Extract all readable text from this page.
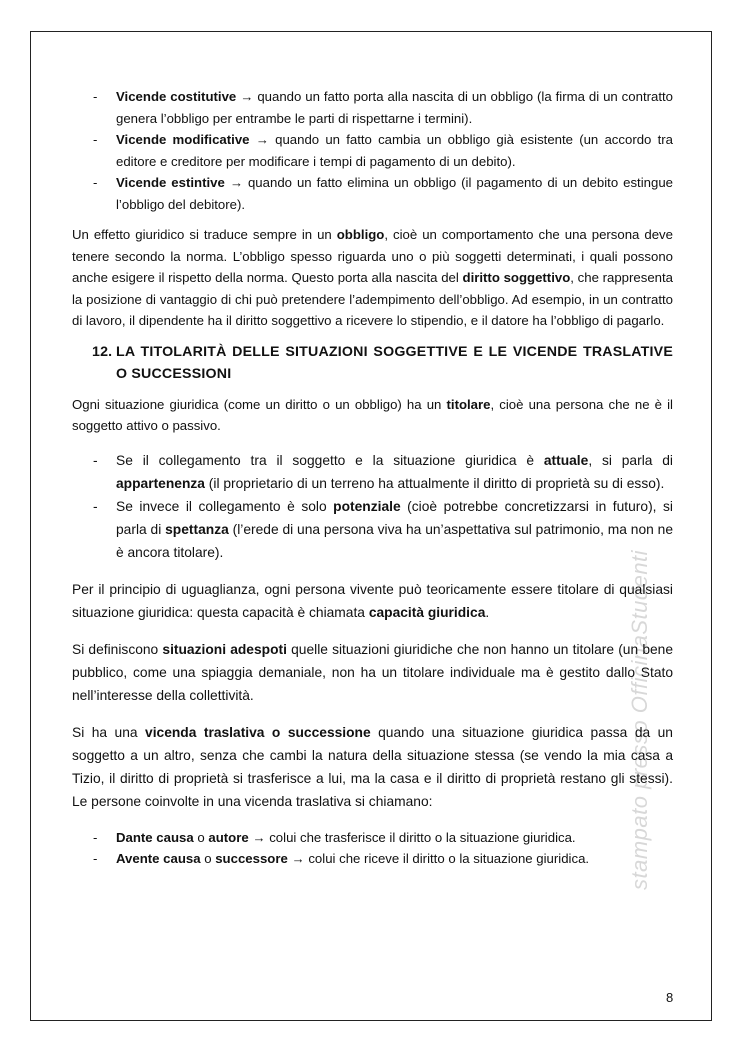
stampato presso OfficinaStudenti
- Vicende costitutive → quando un fatto porta alla nascita di un obbligo (la firma di un contratto genera l’obbligo per entrambe le parti di rispettarne i termini).
- Vicende modificative → quando un fatto cambia un obbligo già esistente (un accordo tra editore e creditore per modificare i tempi di pagamento di un debito).
- Vicende estintive → quando un fatto elimina un obbligo (il pagamento di un debito estingue l’obbligo del debitore).

Un effetto giuridico si traduce sempre in un obbligo, cioè un comportamento che una persona deve tenere secondo la norma. L’obbligo spesso riguarda uno o più soggetti determinati, i quali possono anche esigere il rispetto della norma. Questo porta alla nascita del diritto soggettivo, che rappresenta la posizione di vantaggio di chi può pretendere l’adempimento dell’obbligo. Ad esempio, in un contratto di lavoro, il dipendente ha il diritto soggettivo a ricevere lo stipendio, e il datore ha l’obbligo di pagarlo.

12. LA TITOLARITÀ DELLE SITUAZIONI SOGGETTIVE E LE VICENDE TRASLATIVE O SUCCESSIONI

Ogni situazione giuridica (come un diritto o un obbligo) ha un titolare, cioè una persona che ne è il soggetto attivo o passivo.

- Se il collegamento tra il soggetto e la situazione giuridica è attuale, si parla di appartenenza (il proprietario di un terreno ha attualmente il diritto di proprietà su di esso).
- Se invece il collegamento è solo potenziale (cioè potrebbe concretizzarsi in futuro), si parla di spettanza (l’erede di una persona viva ha un’aspettativa sul patrimonio, ma non ne è ancora titolare).

Per il principio di uguaglianza, ogni persona vivente può teoricamente essere titolare di qualsiasi situazione giuridica: questa capacità è chiamata capacità giuridica.

Si definiscono situazioni adespoti quelle situazioni giuridiche che non hanno un titolare (un bene pubblico, come una spiaggia demaniale, non ha un titolare individuale ma è gestito dallo Stato nell’interesse della collettività.

Si ha una vicenda traslativa o successione quando una situazione giuridica passa da un soggetto a un altro, senza che cambi la natura della situazione stessa (se vendo la mia casa a Tizio, il diritto di proprietà si trasferisce a lui, ma la casa e il diritto di proprietà restano gli stessi). Le persone coinvolte in una vicenda traslativa si chiamano:

- Dante causa o autore → colui che trasferisce il diritto o la situazione giuridica.
- Avente causa o successore → colui che riceve il diritto o la situazione giuridica.
8
